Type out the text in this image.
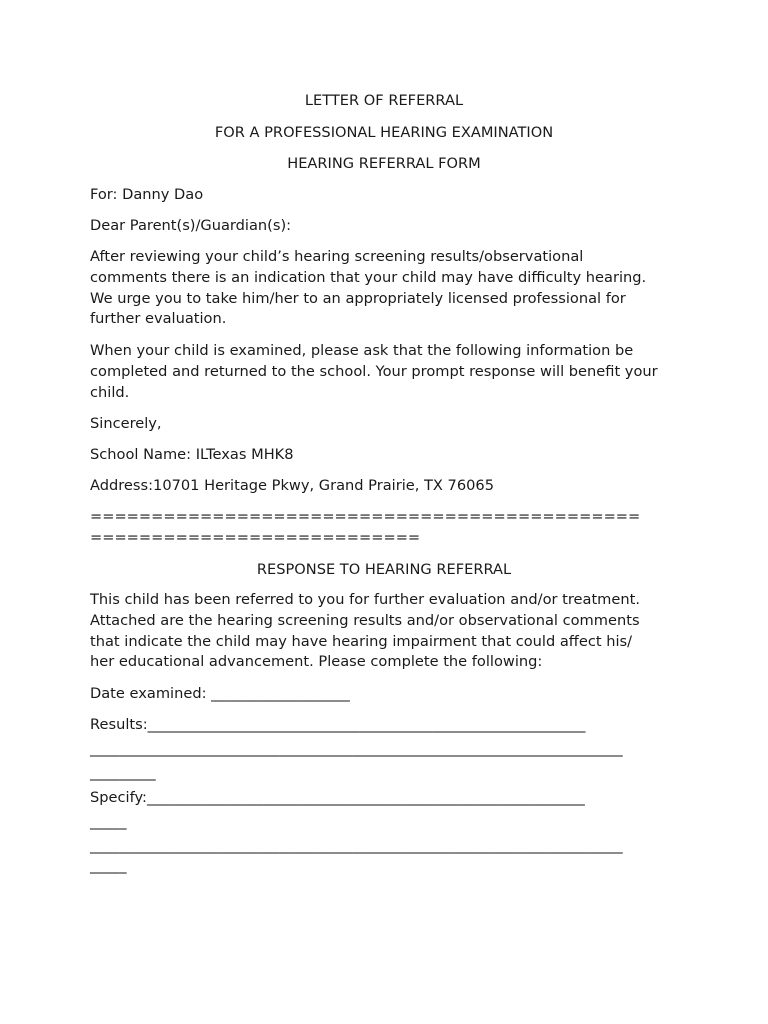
LETTER OF REFERRAL
FOR A PROFESSIONAL HEARING EXAMINATION
HEARING REFERRAL FORM
For: Danny Dao
Dear Parent(s)/Guardian(s):
After reviewing your child’s hearing screening results/observational
comments there is an indication that your child may have difficulty hearing.
We urge you to take him/her to an appropriately licensed professional for
further evaluation.
When your child is examined, please ask that the following information be
completed and returned to the school. Your prompt response will benefit your
child.
Sincerely,
School Name: ILTexas MHK8
Address:10701 Heritage Pkwy, Grand Prairie, TX 76065
=============================================
===========================
RESPONSE TO HEARING REFERRAL
This child has been referred to you for further evaluation and/or treatment.
Attached are the hearing screening results and/or observational comments
that indicate the child may have hearing impairment that could affect his/
her educational advancement. Please complete the following:
Date examined: ___________________
Results:____________________________________________________________
_________________________________________________________________________
_________
Specify:____________________________________________________________
_____
_________________________________________________________________________
_____
